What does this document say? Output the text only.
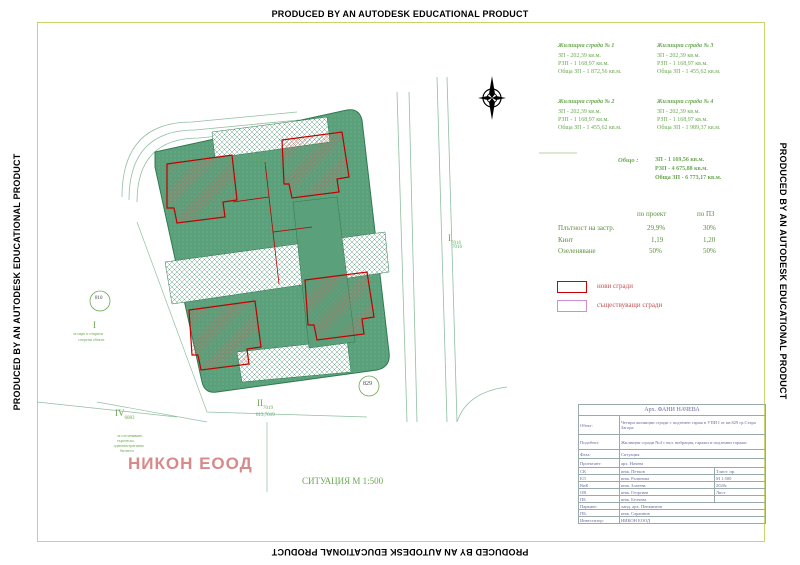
PRODUCED BY AN AUTODESK EDUCATIONAL PRODUCT
PRODUCED BY AN AUTODESK EDUCATIONAL PRODUCT
PRODUCED BY AN AUTODESK EDUCATIONAL PRODUCT	PRODUCED BY AN AUTODESK EDUCATIONAL PRODUCT
$I_{7016}$
211,7102
$I_{7016}$
7016
810
I
за парк и открити
спортни обекти
$IV_{6083}$
за озеленяване,
търговско,
административно
бизнеси
$II_{7019}$
013,7019
829
Жилищна сграда № 1
ЗП - 202,39 кв.м.
РЗП - 1 168,97 кв.м.
Обща ЗП - 1 872,56 кв.м.
Жилищна сграда № 3
ЗП - 202,39 кв.м.
РЗП - 1 168,97 кв.м.
Обща ЗП - 1 455,62 кв.м.
Жилищна сграда № 2
ЗП - 202,39 кв.м.
РЗП - 1 168,97 кв.м.
Обща ЗП - 1 455,62 кв.м.
Жилищна сграда № 4
ЗП - 202,39 кв.м.
РЗП - 1 168,97 кв.м.
Обща ЗП - 1 989,37 кв.м.
Общо :	ЗП - 1 169,56 кв.м.
РЗП - 4 675,88 кв.м.
Обща ЗП - 6 773,17 кв.м.
по проект	по ПЗ
Плътност на застр.	29,9%	30%
Кинт	1,19	1,20
Озеленяване	50%	50%
нови сгради
съществуващи сгради
НИКОН ЕООД
СИТУАЦИЯ М 1:500
Арх. ФАНИ НАЧЕВА		
Обект:	Четири жилищни сгради с подземен гараж в УПИ I от кв.829 гр.Стара Загора	
Подобект:	Жилищни сгради №4 с вкл. вибрация, гаражи и подземни гаражи	
Фаза:	Ситуация	
Проектант:	арх. Начева	
СК	инж. Петков	Тлист: пр.
ЕЛ	инж. Ралинова	М 1:500
ВиК	инж. Златева	2020г.
ОВ	инж. Георгиев	Лист
ПБ	инж. Белчева	
Паркинг:	ланд. арх. Пенкинеов	
ПБ:	инж. Сараинов	
Инвеститор:	НИКОН ЕООД	
